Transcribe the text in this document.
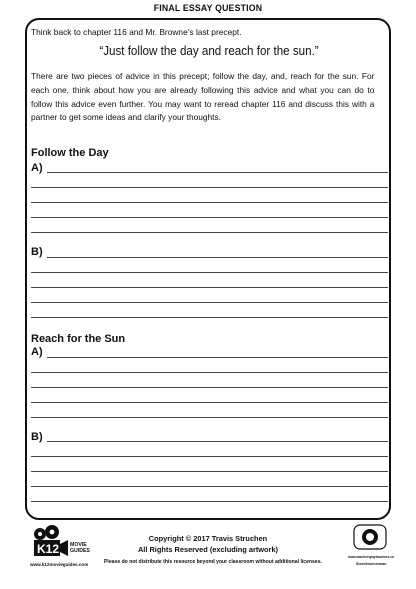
FINAL ESSAY QUESTION
Think back to chapter 116 and Mr. Browne’s last precept.
“Just follow the day and reach for the sun.”
There are two pieces of advice in this precept; follow the day, and, reach for the sun. For each one, think about how you are already following this advice and what you can do to follow this advice even further. You may want to reread chapter 116 and discuss this with a partner to get some ideas and clarify your thoughts.
Follow the Day
A)
B)
Reach for the Sun
A)
B)
K12 MOVIE
GUIDES
www.k12movieguides.com
Copyright © 2017 Travis Struchen
All Rights Reserved (excluding artwork)
Please do not distribute this resource beyond your classroom without additional licenses.
www.teacherspayteachers.com
Store/teacherman
